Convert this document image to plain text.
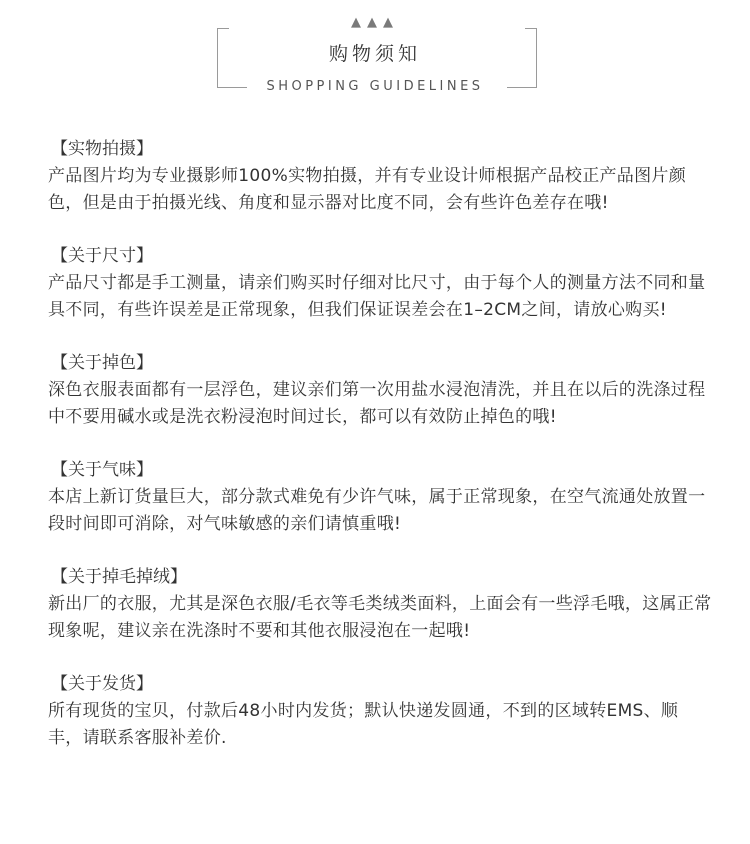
▲▲▲
购物须知
SHOPPING GUIDELINES
【实物拍摄】
产品图片均为专业摄影师100%实物拍摄，并有专业设计师根据产品校正产品图片颜色，但是由于拍摄光线、角度和显示器对比度不同，会有些许色差存在哦!
【关于尺寸】
产品尺寸都是手工测量，请亲们购买时仔细对比尺寸，由于每个人的测量方法不同和量具不同，有些许误差是正常现象，但我们保证误差会在1–2CM之间，请放心购买!
【关于掉色】
深色衣服表面都有一层浮色，建议亲们第一次用盐水浸泡清洗，并且在以后的洗涤过程中不要用碱水或是洗衣粉浸泡时间过长，都可以有效防止掉色的哦!
【关于气味】
本店上新订货量巨大，部分款式难免有少许气味，属于正常现象，在空气流通处放置一段时间即可消除，对气味敏感的亲们请慎重哦!
【关于掉毛掉绒】
新出厂的衣服，尤其是深色衣服/毛衣等毛类绒类面料，上面会有一些浮毛哦，这属正常现象呢，建议亲在洗涤时不要和其他衣服浸泡在一起哦!
【关于发货】
所有现货的宝贝，付款后48小时内发货；默认快递发圆通，不到的区域转EMS、顺丰，请联系客服补差价.
